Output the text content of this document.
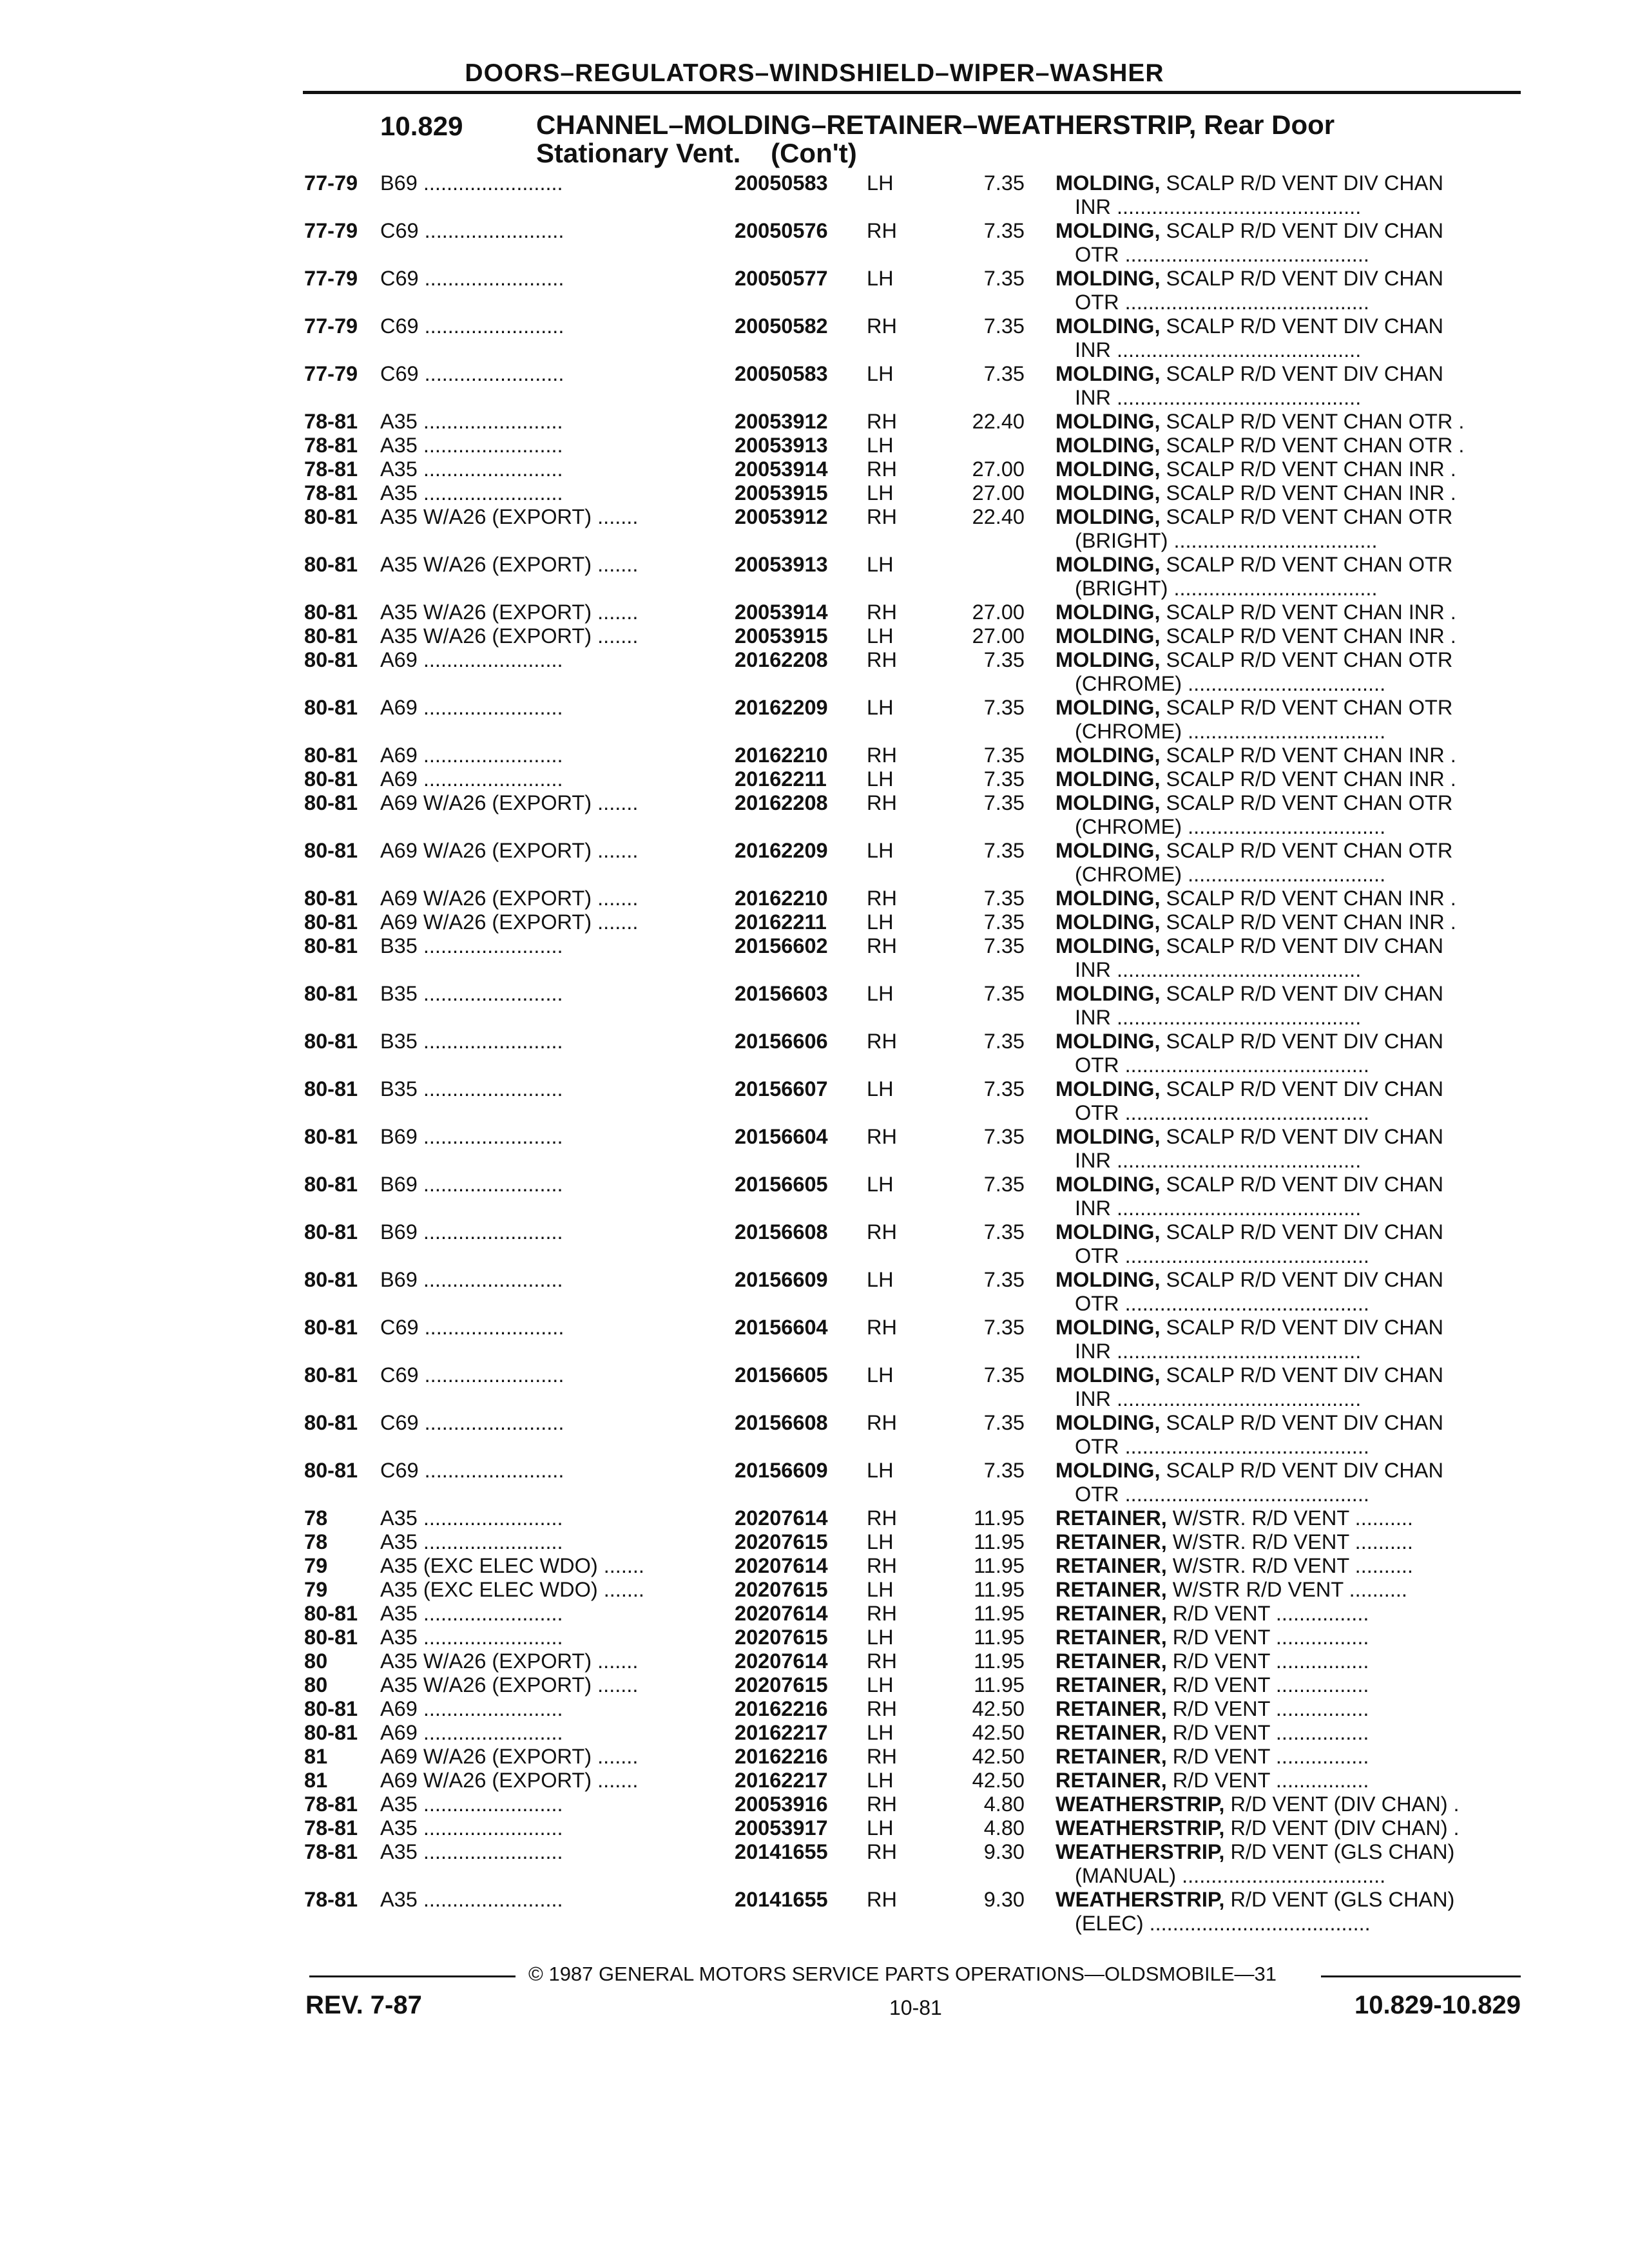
DOORS–REGULATORS–WINDSHIELD–WIPER–WASHER
10.829	CHANNEL–MOLDING–RETAINER–WEATHERSTRIP, Rear Door
Stationary Vent.    (Con't)
77-79 B69 ........................	20050583 LH	7.35 MOLDING, SCALP R/D VENT DIV CHAN
INR ..........................................
77-79 C69 ........................	20050576 RH	7.35 MOLDING, SCALP R/D VENT DIV CHAN
OTR ..........................................
77-79 C69 ........................	20050577 LH	7.35 MOLDING, SCALP R/D VENT DIV CHAN
OTR ..........................................
77-79 C69 ........................	20050582 RH	7.35 MOLDING, SCALP R/D VENT DIV CHAN
INR ..........................................
77-79 C69 ........................	20050583 LH	7.35 MOLDING, SCALP R/D VENT DIV CHAN
INR ..........................................
78-81 A35 ........................	20053912 RH	22.40 MOLDING, SCALP R/D VENT CHAN OTR .
78-81 A35 ........................	20053913 LH	MOLDING, SCALP R/D VENT CHAN OTR .
78-81 A35 ........................	20053914 RH	27.00 MOLDING, SCALP R/D VENT CHAN INR .
78-81 A35 ........................	20053915 LH	27.00 MOLDING, SCALP R/D VENT CHAN INR .
80-81 A35 W/A26 (EXPORT) .......	20053912 RH	22.40 MOLDING, SCALP R/D VENT CHAN OTR
(BRIGHT) ...................................
80-81 A35 W/A26 (EXPORT) .......	20053913 LH	MOLDING, SCALP R/D VENT CHAN OTR
(BRIGHT) ...................................
80-81 A35 W/A26 (EXPORT) .......	20053914 RH	27.00 MOLDING, SCALP R/D VENT CHAN INR .
80-81 A35 W/A26 (EXPORT) .......	20053915 LH	27.00 MOLDING, SCALP R/D VENT CHAN INR .
80-81 A69 ........................	20162208 RH	7.35 MOLDING, SCALP R/D VENT CHAN OTR
(CHROME) ..................................
80-81 A69 ........................	20162209 LH	7.35 MOLDING, SCALP R/D VENT CHAN OTR
(CHROME) ..................................
80-81 A69 ........................	20162210 RH	7.35 MOLDING, SCALP R/D VENT CHAN INR .
80-81 A69 ........................	20162211 LH	7.35 MOLDING, SCALP R/D VENT CHAN INR .
80-81 A69 W/A26 (EXPORT) .......	20162208 RH	7.35 MOLDING, SCALP R/D VENT CHAN OTR
(CHROME) ..................................
80-81 A69 W/A26 (EXPORT) .......	20162209 LH	7.35 MOLDING, SCALP R/D VENT CHAN OTR
(CHROME) ..................................
80-81 A69 W/A26 (EXPORT) .......	20162210 RH	7.35 MOLDING, SCALP R/D VENT CHAN INR .
80-81 A69 W/A26 (EXPORT) .......	20162211 LH	7.35 MOLDING, SCALP R/D VENT CHAN INR .
80-81 B35 ........................	20156602 RH	7.35 MOLDING, SCALP R/D VENT DIV CHAN
INR ..........................................
80-81 B35 ........................	20156603 LH	7.35 MOLDING, SCALP R/D VENT DIV CHAN
INR ..........................................
80-81 B35 ........................	20156606 RH	7.35 MOLDING, SCALP R/D VENT DIV CHAN
OTR ..........................................
80-81 B35 ........................	20156607 LH	7.35 MOLDING, SCALP R/D VENT DIV CHAN
OTR ..........................................
80-81 B69 ........................	20156604 RH	7.35 MOLDING, SCALP R/D VENT DIV CHAN
INR ..........................................
80-81 B69 ........................	20156605 LH	7.35 MOLDING, SCALP R/D VENT DIV CHAN
INR ..........................................
80-81 B69 ........................	20156608 RH	7.35 MOLDING, SCALP R/D VENT DIV CHAN
OTR ..........................................
80-81 B69 ........................	20156609 LH	7.35 MOLDING, SCALP R/D VENT DIV CHAN
OTR ..........................................
80-81 C69 ........................	20156604 RH	7.35 MOLDING, SCALP R/D VENT DIV CHAN
INR ..........................................
80-81 C69 ........................	20156605 LH	7.35 MOLDING, SCALP R/D VENT DIV CHAN
INR ..........................................
80-81 C69 ........................	20156608 RH	7.35 MOLDING, SCALP R/D VENT DIV CHAN
OTR ..........................................
80-81 C69 ........................	20156609 LH	7.35 MOLDING, SCALP R/D VENT DIV CHAN
OTR ..........................................
78	A35 ........................	20207614 RH	11.95 RETAINER, W/STR. R/D VENT ..........
78	A35 ........................	20207615 LH	11.95 RETAINER, W/STR. R/D VENT ..........
79	A35 (EXC ELEC WDO) .......	20207614 RH	11.95 RETAINER, W/STR. R/D VENT ..........
79	A35 (EXC ELEC WDO) .......	20207615 LH	11.95 RETAINER, W/STR R/D VENT ..........
80-81 A35 ........................	20207614 RH	11.95 RETAINER, R/D VENT ................
80-81 A35 ........................	20207615 LH	11.95 RETAINER, R/D VENT ................
80	A35 W/A26 (EXPORT) .......	20207614 RH	11.95 RETAINER, R/D VENT ................
80	A35 W/A26 (EXPORT) .......	20207615 LH	11.95 RETAINER, R/D VENT ................
80-81 A69 ........................	20162216 RH	42.50 RETAINER, R/D VENT ................
80-81 A69 ........................	20162217 LH	42.50 RETAINER, R/D VENT ................
81	A69 W/A26 (EXPORT) .......	20162216 RH	42.50 RETAINER, R/D VENT ................
81	A69 W/A26 (EXPORT) .......	20162217 LH	42.50 RETAINER, R/D VENT ................
78-81 A35 ........................	20053916 RH	4.80 WEATHERSTRIP, R/D VENT (DIV CHAN) .
78-81 A35 ........................	20053917 LH	4.80 WEATHERSTRIP, R/D VENT (DIV CHAN) .
78-81 A35 ........................	20141655 RH	9.30 WEATHERSTRIP, R/D VENT (GLS CHAN)
(MANUAL) ...................................
78-81 A35 ........................	20141655 RH	9.30 WEATHERSTRIP, R/D VENT (GLS CHAN)
(ELEC) ......................................
© 1987 GENERAL MOTORS SERVICE PARTS OPERATIONS—OLDSMOBILE—31
REV. 7-87	10-81	10.829-10.829
